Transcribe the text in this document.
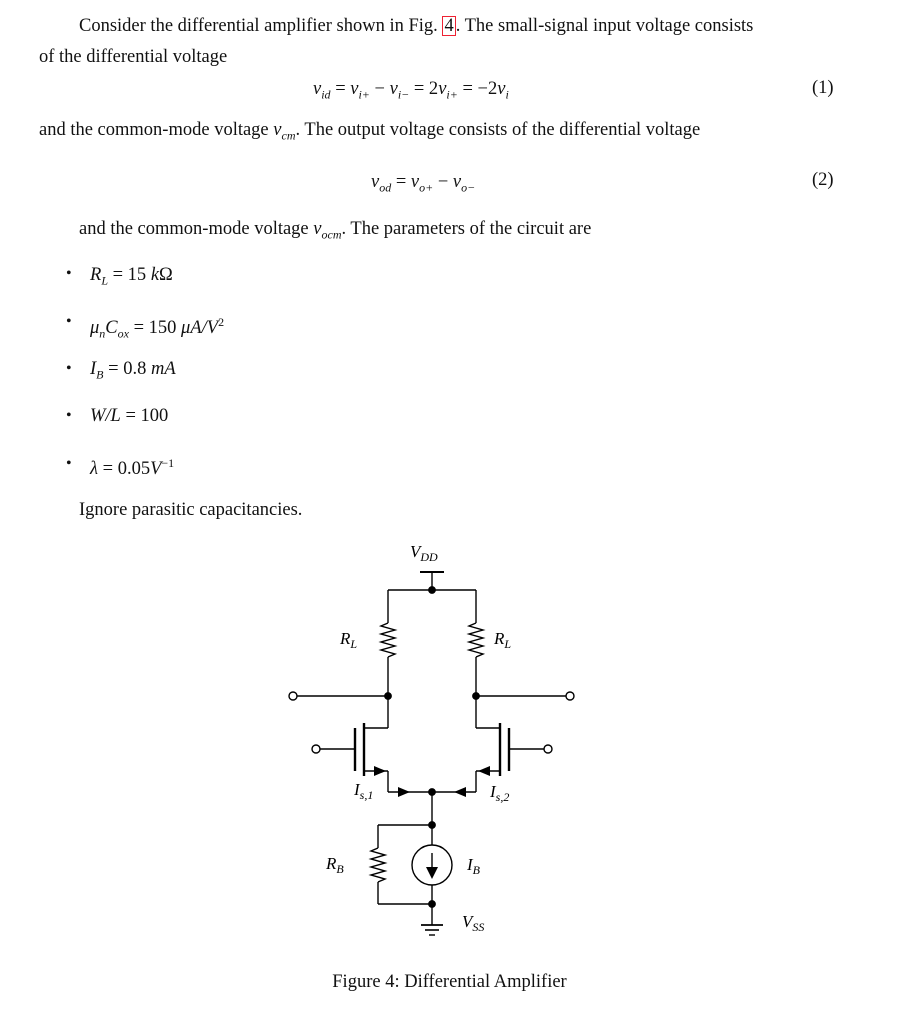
Consider the differential amplifier shown in Fig. 4 . The small-signal input voltage consists
of the differential voltage
$v_{id} = v_{i+} - v_{i-} = 2v_{i+} = -2v_i$	(1)
and the common-mode voltage $v_{cm}$. The output voltage consists of the differential voltage
$v_{od} = v_{o+} - v_{o-}$	(2)
and the common-mode voltage $v_{ocm}$. The parameters of the circuit are
• $R_L = 15$ kΩ
• $\mu_nC_{ox} = 150$ $\mu A/V^2$
• $I_B = 0.8$ mA
• W/L = 100
• $\lambda = 0.05V^{-1}$
Ignore parasitic capacitancies.
$V_{DD}$
$R_L$	$R_L$
$I_{s,1}$	$I_{s,2}$
$R_B$	$I_B$
$V_{SS}$
Figure 4: Differential Amplifier
